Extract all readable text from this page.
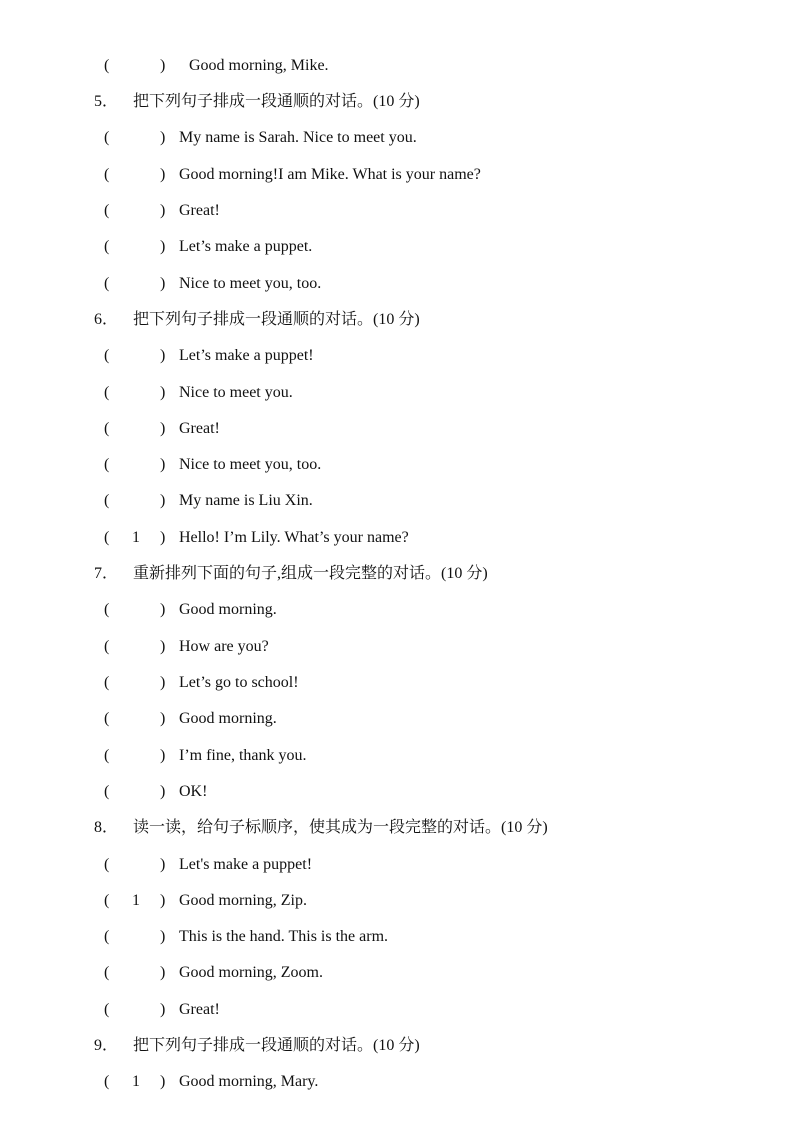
(	) Good morning, Mike.
5． 把下列句子排成一段通顺的对话。(10 分)
(	) My name is Sarah. Nice to meet you.
(	) Good morning!I am Mike. What is your name?
(	) Great!
(	) Let’s make a puppet.
(	) Nice to meet you, too.
6． 把下列句子排成一段通顺的对话。(10 分)
(	) Let’s make a puppet!
(	) Nice to meet you.
(	) Great!
(	) Nice to meet you, too.
(	) My name is Liu Xin.
( 1 ) Hello! I’m Lily. What’s your name?
7． 重新排列下面的句子,组成一段完整的对话。(10 分)
(	) Good morning.
(	) How are you?
(	) Let’s go to school!
(	) Good morning.
(	) I’m fine, thank you.
(	) OK!
8． 读一读，给句子标顺序，使其成为一段完整的对话。(10 分)
(	) Let's make a puppet!
( 1 ) Good morning, Zip.
(	) This is the hand. This is the arm.
(	) Good morning, Zoom.
(	) Great!
9． 把下列句子排成一段通顺的对话。(10 分)
( 1 ) Good morning, Mary.
